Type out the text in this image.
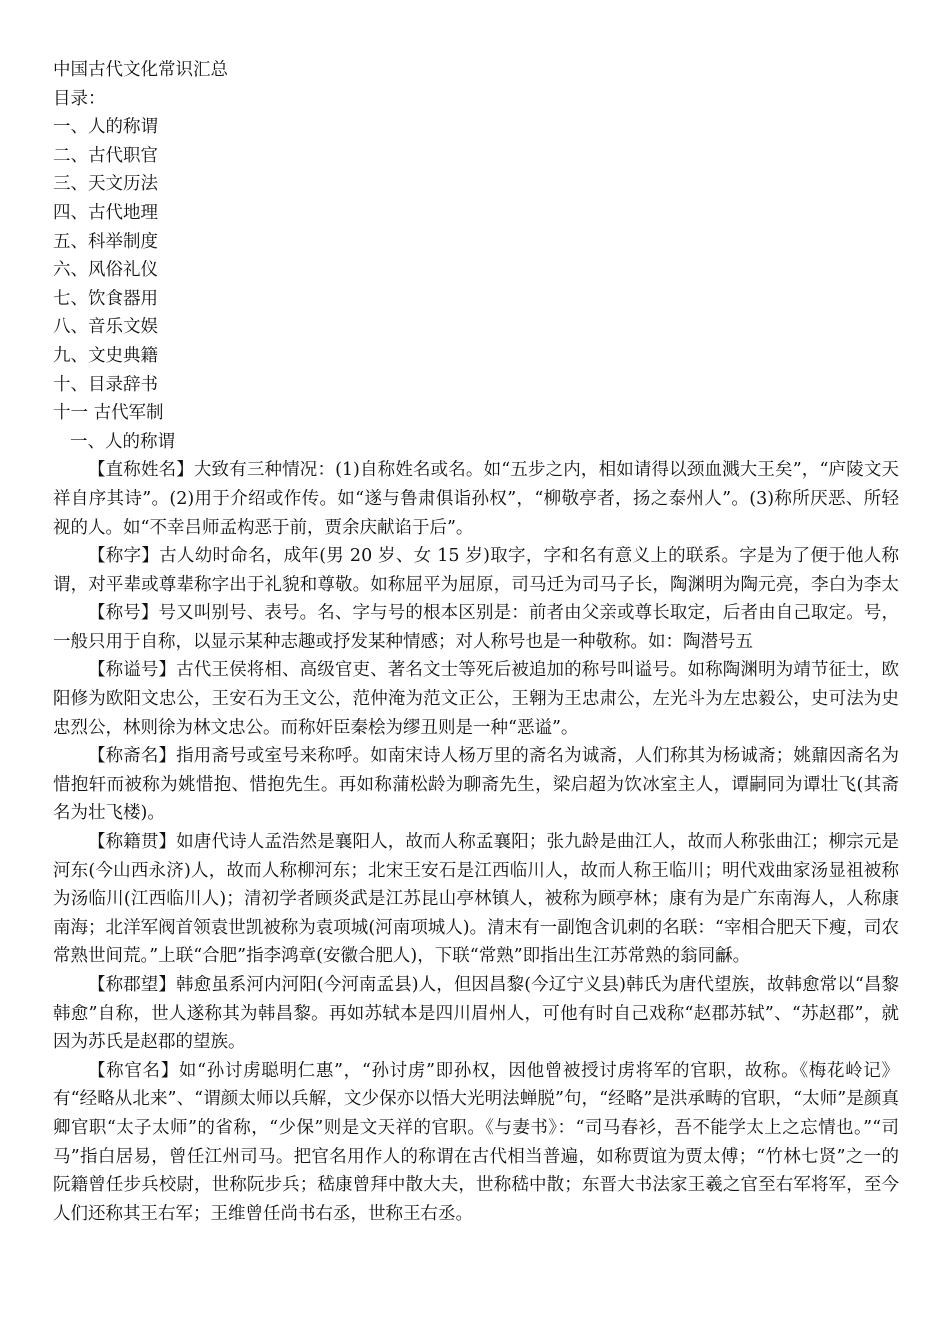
中国古代文化常识汇总
目录：
一、人的称谓
二、古代职官
三、天文历法
四、古代地理
五、科举制度
六、风俗礼仪
七、饮食器用
八、音乐文娱
九、文史典籍
十、目录辞书
十一 古代军制
一、人的称谓

【直称姓名】大致有三种情况：(1)自称姓名或名。如“五步之内，相如请得以颈血溅大王矣”，“庐陵文天祥自序其诗”。(2)用于介绍或作传。如“遂与鲁肃俱诣孙权”，“柳敬亭者，扬之泰州人”。(3)称所厌恶、所轻视的人。如“不幸吕师孟构恶于前，贾余庆献谄于后”。

【称字】古人幼时命名，成年(男 20 岁、女 15 岁)取字，字和名有意义上的联系。字是为了便于他人称谓，对平辈或尊辈称字出于礼貌和尊敬。如称屈平为屈原，司马迁为司马子长，陶渊明为陶元亮，李白为李太

【称号】号又叫别号、表号。名、字与号的根本区别是：前者由父亲或尊长取定，后者由自己取定。号，一般只用于自称，以显示某种志趣或抒发某种情感；对人称号也是一种敬称。如：陶潜号五

【称谥号】古代王侯将相、高级官吏、著名文士等死后被追加的称号叫谥号。如称陶渊明为靖节征士，欧阳修为欧阳文忠公，王安石为王文公，范仲淹为范文正公，王翱为王忠肃公，左光斗为左忠毅公，史可法为史忠烈公，林则徐为林文忠公。而称奸臣秦桧为缪丑则是一种“恶谥”。

【称斋名】指用斋号或室号来称呼。如南宋诗人杨万里的斋名为诚斋，人们称其为杨诚斋；姚鼐因斋名为惜抱轩而被称为姚惜抱、惜抱先生。再如称蒲松龄为聊斋先生，梁启超为饮冰室主人，谭嗣同为谭壮飞(其斋名为壮飞楼)。

【称籍贯】如唐代诗人孟浩然是襄阳人，故而人称孟襄阳；张九龄是曲江人，故而人称张曲江；柳宗元是河东(今山西永济)人，故而人称柳河东；北宋王安石是江西临川人，故而人称王临川；明代戏曲家汤显祖被称为汤临川(江西临川人)；清初学者顾炎武是江苏昆山亭林镇人，被称为顾亭林；康有为是广东南海人，人称康南海；北洋军阀首领袁世凯被称为袁项城(河南项城人)。清末有一副饱含讥刺的名联：“宰相合肥天下瘦，司农常熟世间荒。”上联“合肥”指李鸿章(安徽合肥人)，下联“常熟”即指出生江苏常熟的翁同龢。

【称郡望】韩愈虽系河内河阳(今河南孟县)人，但因昌黎(今辽宁义县)韩氏为唐代望族，故韩愈常以“昌黎韩愈”自称，世人遂称其为韩昌黎。再如苏轼本是四川眉州人，可他有时自己戏称“赵郡苏轼”、“苏赵郡”，就因为苏氏是赵郡的望族。

【称官名】如“孙讨虏聪明仁惠”，“孙讨虏”即孙权，因他曾被授讨虏将军的官职，故称。《梅花岭记》有“经略从北来”、“谓颜太师以兵解，文少保亦以悟大光明法蝉脱”句，“经略”是洪承畴的官职，“太师”是颜真卿官职“太子太师”的省称，“少保”则是文天祥的官职。《与妻书》：“司马春衫，吾不能学太上之忘情也。”“司马”指白居易，曾任江州司马。把官名用作人的称谓在古代相当普遍，如称贾谊为贾太傅；“竹林七贤”之一的阮籍曾任步兵校尉，世称阮步兵；嵇康曾拜中散大夫，世称嵇中散；东晋大书法家王羲之官至右军将军，至今人们还称其王右军；王维曾任尚书右丞，世称王右丞。
